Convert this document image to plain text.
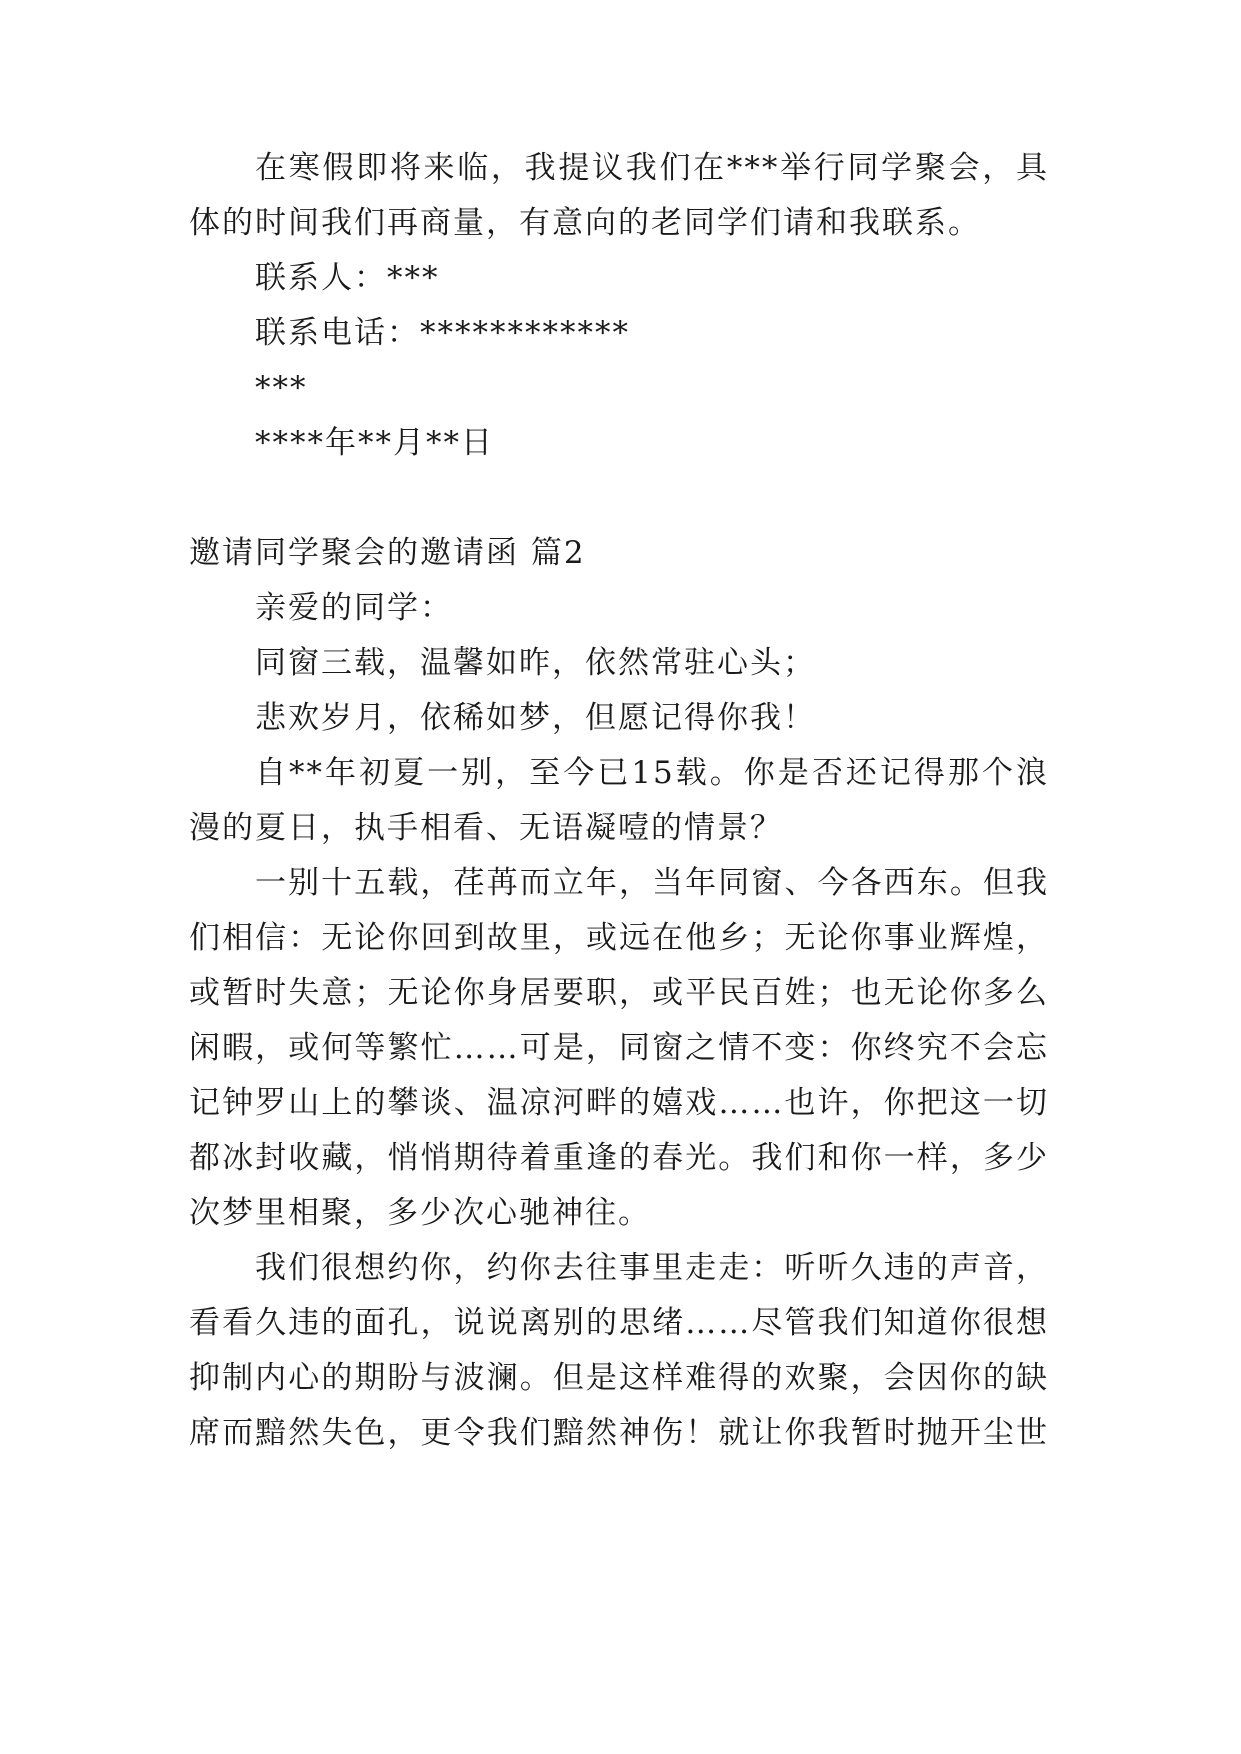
在寒假即将来临，我提议我们在***举行同学聚会，具
体的时间我们再商量，有意向的老同学们请和我联系。
联系人：***
联系电话：************
***
****年**月**日
邀请同学聚会的邀请函 篇2
亲爱的同学：
同窗三载，温馨如昨，依然常驻心头；
悲欢岁月，依稀如梦，但愿记得你我！
自**年初夏一别，至今已15载。你是否还记得那个浪
漫的夏日，执手相看、无语凝噎的情景？
一别十五载，荏苒而立年，当年同窗、今各西东。但我
们相信：无论你回到故里，或远在他乡；无论你事业辉煌，
或暂时失意；无论你身居要职，或平民百姓；也无论你多么
闲暇，或何等繁忙……可是，同窗之情不变：你终究不会忘
记钟罗山上的攀谈、温凉河畔的嬉戏……也许，你把这一切
都冰封收藏，悄悄期待着重逢的春光。我们和你一样，多少
次梦里相聚，多少次心驰神往。
我们很想约你，约你去往事里走走：听听久违的声音，
看看久违的面孔，说说离别的思绪……尽管我们知道你很想
抑制内心的期盼与波澜。但是这样难得的欢聚，会因你的缺
席而黯然失色，更令我们黯然神伤！就让你我暂时抛开尘世
